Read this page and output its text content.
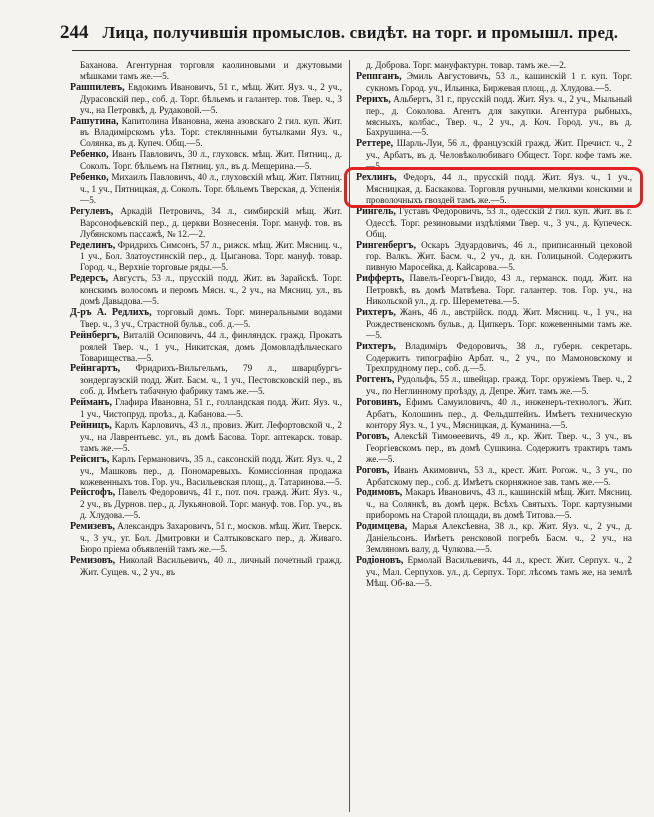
244 Лица, получившія промыслов. свидѣт. на торг. и промышл. пред.

Баханова. Агентурная торговля каолиновыми и джутовыми мѣшками тамъ же.—5.

Рашпилевъ, Евдокимъ Ивановичъ, 51 г., мѣщ. Жит. Яуз. ч., 2 уч., Дурасовскій пер., соб. д. Торг. бѣльемъ и галантер. тов. Твер. ч., 3 уч., на Петровкѣ, д. Рудаковой.—5.

Рашутина, Капитолина Ивановна, жена азовскаго 2 гил. куп. Жит. въ Владимірскомъ уѣз. Торг. стеклянными бутылками Яуз. ч., Солянка, въ д. Купеч. Общ.—5.

Ребенко, Иванъ Павловичъ, 30 л., глуховск. мѣщ. Жит. Пятниц., д. Соколъ. Торг. бѣльемъ на Пятниц. ул., въ д. Мещерина.—5.

Ребенко, Михаилъ Павловичъ, 40 л., глуховскій мѣщ. Жит. Пятниц. ч., 1 уч., Пятницкая, д. Соколъ. Торг. бѣльемъ Тверская, д. Успенія.—5.

Регулевъ, Аркадій Петровичъ, 34 л., симбирскій мѣщ. Жит. Варсонофьевскій пер., д. церкви Вознесенія. Торг. мануф. тов. въ Лубянскомъ пассажѣ, № 12.—2.

Ределинъ, Фридрихъ Симсонъ, 57 л., рижск. мѣщ. Жит. Мясниц. ч., 1 уч., Бол. Златоустинскій пер., д. Цыганова. Торг. мануф. товар. Город. ч., Верхніе торговые ряды.—5.

Редерсъ, Августъ, 53 л., прусскій подд. Жит. въ Зарайскѣ. Торг. конскимъ волосомъ и перомъ Мясн. ч., 2 уч., на Мясниц. ул., въ домѣ Давыдова.—5.

Д-ръ А. Редлихъ, торговый домъ. Торг. минеральными водами Твер. ч., 3 уч., Страстной бульв., соб. д.—5.

Рейнбергъ, Виталій Осиповичъ, 44 л., финляндск. гражд. Прокатъ роялей Твер. ч., 1 уч., Никитская, домъ Домовладѣльческаго Товарищества.—5.

Рейнгартъ, Фридрихъ-Вильгельмъ, 79 л., шварцбургъ-зондергаузскій подд. Жит. Басм. ч., 1 уч., Пестовсковскій пер., въ соб. д. Имѣетъ табачную фабрику тамъ же.—5.

Рейманъ, Глафира Ивановна, 51 г., голландская подд. Жит. Яуз. ч., 1 уч., Чистопруд. проѣз., д. Кабанова.—5.

Рейницъ, Карлъ Карловичъ, 43 л., провиз. Жит. Лефортовской ч., 2 уч., на Лаврентьевс. ул., въ домѣ Басова. Торг. аптекарск. товар. тамъ же.—5.

Рейсигъ, Карлъ Германовичъ, 35 л., саксонскій подд. Жит. Яуз. ч., 2 уч., Машковъ пер., д. Пономаревыхъ. Комиссіонная продажа кожевенныхъ тов. Гор. уч., Васильевская площ., д. Татаринова.—5.

Рейсгофъ, Павелъ Федоровичъ, 41 г., пот. поч. гражд. Жит. Яуз. ч., 2 уч., въ Дурнов. пер., д. Лукьяновой. Торг. мануф. тов. Гор. уч., въ д. Хлудова.—5.

Ремизевъ, Александръ Захаровичъ, 51 г., москов. мѣщ. Жит. Тверск. ч., 3 уч., уг. Бол. Дмитровки и Салтыковскаго пер., д. Живаго. Бюро пріема объявленій тамъ же.—5.

Ремизовъ, Николай Васильевичъ, 40 л., личный почетный гражд. Жит. Сущев. ч., 2 уч., въ

д. Доброва. Торг. мануфактурн. товар. тамъ же.—2.

Реппганъ, Эмиль Августовичъ, 53 л., кашинскій 1 г. куп. Торг. сукномъ Город. уч., Ильинка, Биржевая площ., д. Хлудова.—5.

Рерихъ, Альбертъ, 31 г., прусскій подд. Жит. Яуз. ч., 2 уч., Мыльный пер., д. Соколова. Агентъ для закупки. Агентура рыбныхъ, мясныхъ, колбас., Твер. ч., 2 уч., д. Коч. Город. уч., въ д. Бахрушина.—5.

Реттере, Шарль-Луи, 56 л., французскій гражд. Жит. Пречист. ч., 2 уч., Арбатъ, въ д. Человѣколюбиваго Общест. Торг. кофе тамъ же.—5.

Рехлинъ, Федоръ, 44 л., прусскій подд. Жит. Яуз. ч., 1 уч., Мясницкая, д. Баскакова. Торговля ручными, мелкими конскими и проволочныхъ гвоздей тамъ же.—5.

Рингель, Густавъ Федоровичъ, 53 л., одесскій 2 гил. куп. Жит. въ г. Одессѣ. Торг. резиновыми издѣліями Твер. ч., 3 уч., д. Купеческ. Общ.

Рингенбергъ, Оскаръ Эдуардовичъ, 46 л., приписанный цеховой гор. Валкъ. Жит. Басм. ч., 2 уч., д. кн. Голицыной. Содержитъ пивную Маросейка, д. Кайсарова.—5.

Рифферть, Павелъ-Георгъ-Гвидо, 43 л., германск. подд. Жит. на Петровкѣ, въ домѣ Матвѣева. Торг. галантер. тов. Гор. уч., на Никольской ул., д. гр. Шереметева.—5.

Рихтеръ, Жанъ, 46 л., австрійск. подд. Жит. Мясниц. ч., 1 уч., на Рождественскомъ бульв., д. Ципкеръ. Торг. кожевенными тамъ же.—5.

Рихтеръ, Владиміръ Федоровичъ, 38 л., губерн. секретарь. Содержитъ типографію Арбат. ч., 2 уч., по Мамоновскому и Трехпрудному пер., соб. д.—5.

Роггенъ, Рудольфъ, 55 л., швейцар. гражд. Торг. оружіемъ Твер. ч., 2 уч., по Неглинному проѣзду, д. Депре. Жит. тамъ же.—5.

Роговинъ, Ефимъ Самуиловичъ, 40 л., инженеръ-технологъ. Жит. Арбатъ, Колошинъ пер., д. Фельдштейнъ. Имѣетъ техническую контору Яуз. ч., 1 уч., Мясницкая, д. Куманина.—5.

Роговъ, Алексѣй Тимоѳеевичъ, 49 л., кр. Жит. Твер. ч., 3 уч., въ Георгіевскомъ пер., въ домѣ Сушкина. Содержитъ трактиръ тамъ же.—5.

Роговъ, Иванъ Акимовичъ, 53 л., крест. Жит. Рогож. ч., 3 уч., по Арбатскому пер., соб. д. Имѣетъ скорняжное зав. тамъ же.—5.

Родимовъ, Макаръ Ивановичъ, 43 л., кашинскій мѣщ. Жит. Мясниц. ч., на Солянкѣ, въ домѣ церк. Всѣхъ Святыхъ. Торг. картузными приборомъ на Старой площади, въ домѣ Титова.—5.

Родимцева, Марья Алексѣевна, 38 л., кр. Жит. Яуз. ч., 2 уч., д. Даніельсонъ. Имѣетъ ренсковой погребъ Басм. ч., 2 уч., на Земляномъ валу, д. Чулкова.—5.

Родіоновъ, Ермолай Васильевичъ, 44 л., крест. Жит. Серпух. ч., 2 уч., Мал. Серпухов. ул., д. Серпух. Торг. лѣсомъ тамъ же, на землѣ Мѣщ. Об-ва.—5.
